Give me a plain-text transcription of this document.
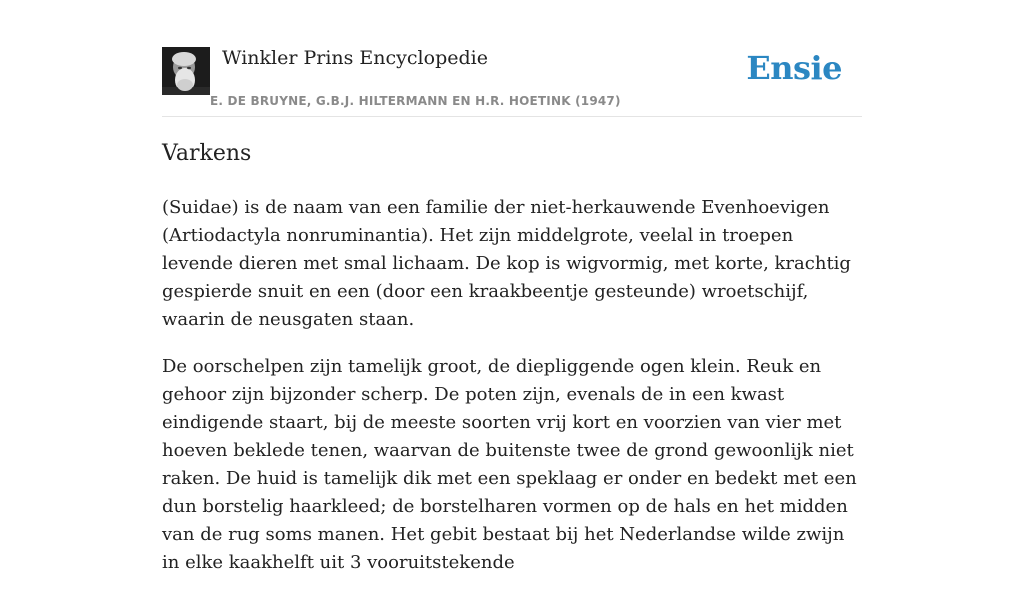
Winkler Prins Encyclopedie
E. DE BRUYNE, G.B.J. HILTERMANN EN H.R. HOETINK (1947)
Ensie
Varkens

(Suidae) is de naam van een familie der niet-herkauwende Evenhoevigen (Artiodactyla nonruminantia). Het zijn middelgrote, veelal in troepen levende dieren met smal lichaam. De kop is wigvormig, met korte, krachtig gespierde snuit en een (door een kraakbeentje gesteunde) wroetschijf, waarin de neusgaten staan.

De oorschelpen zijn tamelijk groot, de diepliggende ogen klein. Reuk en gehoor zijn bijzonder scherp. De poten zijn, evenals de in een kwast eindigende staart, bij de meeste soorten vrij kort en voorzien van vier met hoeven beklede tenen, waarvan de buitenste twee de grond gewoonlijk niet raken. De huid is tamelijk dik met een speklaag er onder en bedekt met een dun borstelig haarkleed; de borstelharen vormen op de hals en het midden van de rug soms manen. Het gebit bestaat bij het Nederlandse wilde zwijn in elke kaakhelft uit 3 vooruitstekende
